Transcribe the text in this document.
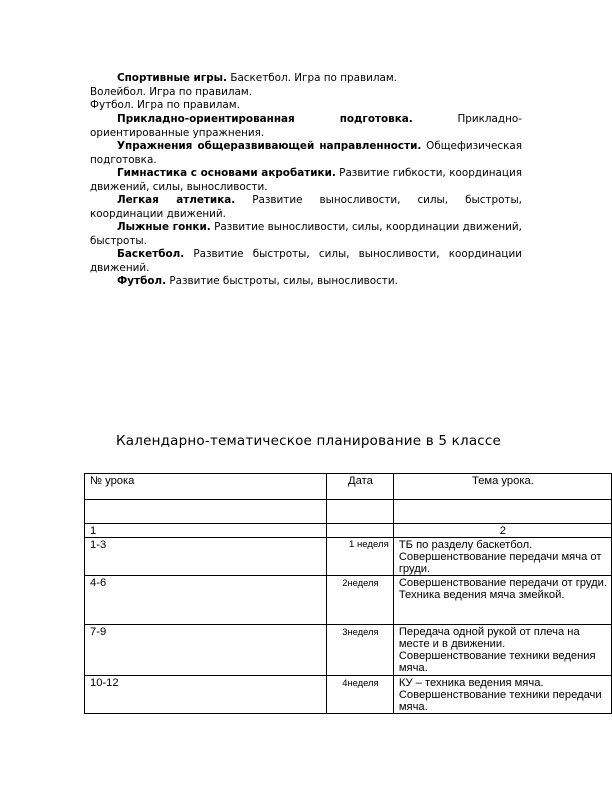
Спортивные игры. Баскетбол. Игра по правилам.
Волейбол. Игра по правилам.
Футбол. Игра по правилам.
Прикладно-ориентированная подготовка.	Прикладно-ориентированные упражнения.
Упражнения общеразвивающей направленности. Общефизическая подготовка.
Гимнастика с основами акробатики. Развитие гибкости, координация движений, силы, выносливости.
Легкая атлетика. Развитие выносливости, силы, быстроты, координации движений.
Лыжные гонки. Развитие выносливости, силы, координации движений, быстроты.
Баскетбол. Развитие быстроты, силы, выносливости, координации движений.
Футбол. Развитие быстроты, силы, выносливости.
Календарно-тематическое планирование в 5 классе
№ урока	Дата	Тема урока.

1		2
1-3	1 неделя	ТБ по разделу баскетбол.
Совершенствование передачи мяча от
груди.

4-6	2неделя	Совершенствование передачи от груди.
Техника ведения мяча змейкой.

7-9	3неделя	Передача одной рукой от плеча на
месте и в движении.
Совершенствование техники ведения
мяча.

10-12	4неделя	КУ – техника ведения мяча.
Совершенствование техники передачи
мяча.
